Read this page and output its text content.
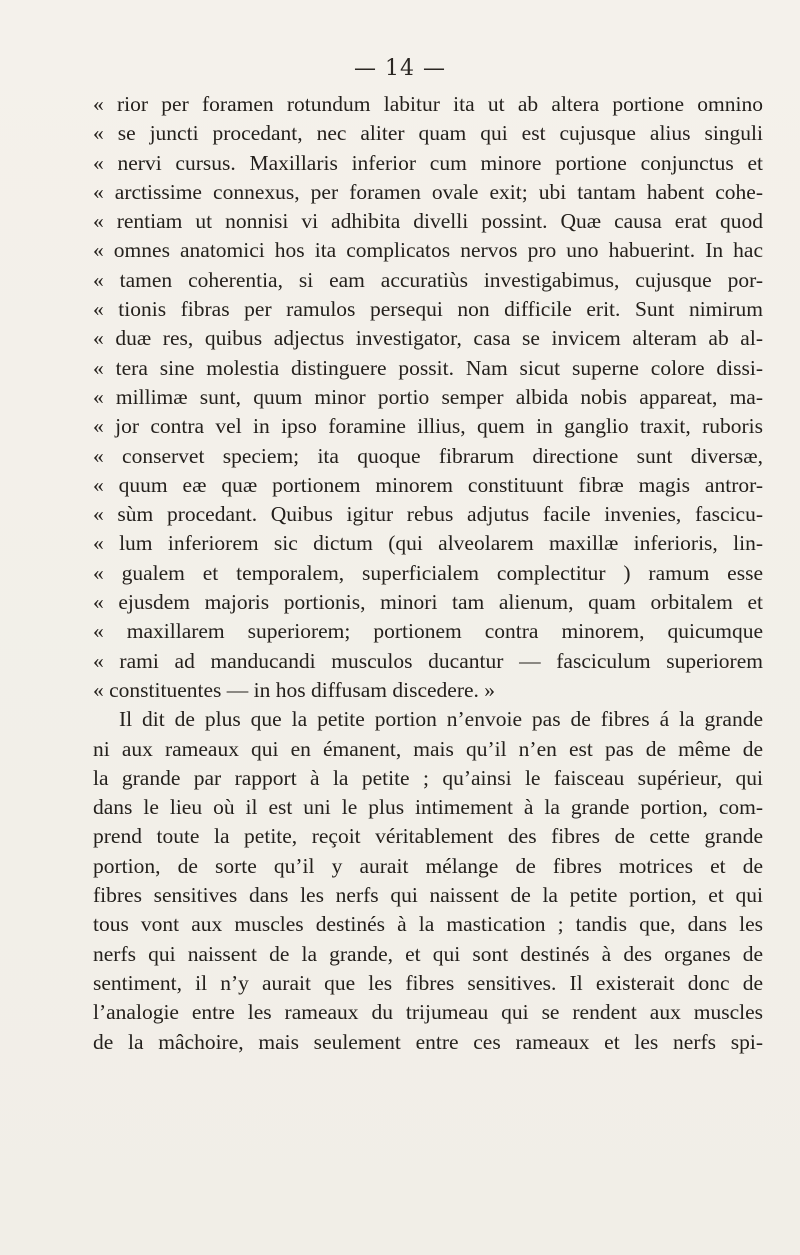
— 14 —
« rior per foramen rotundum labitur ita ut ab altera portione omnino
« se juncti procedant, nec aliter quam qui est cujusque alius singuli
« nervi cursus. Maxillaris inferior cum minore portione conjunctus et
« arctissime connexus, per foramen ovale exit; ubi tantam habent cohe-
« rentiam ut nonnisi vi adhibita divelli possint. Quæ causa erat quod
« omnes anatomici hos ita complicatos nervos pro uno habuerint. In hac
« tamen coherentia, si eam accuratiùs investigabimus, cujusque por-
« tionis fibras per ramulos persequi non difficile erit. Sunt nimirum
« duæ res, quibus adjectus investigator, casa se invicem alteram ab al-
« tera sine molestia distinguere possit. Nam sicut superne colore dissi-
« millimæ sunt, quum minor portio semper albida nobis appareat, ma-
« jor contra vel in ipso foramine illius, quem in ganglio traxit, ruboris
« conservet speciem; ita quoque fibrarum directione sunt diversæ,
« quum eæ quæ portionem minorem constituunt fibræ magis antror-
« sùm procedant. Quibus igitur rebus adjutus facile invenies, fascicu-
« lum inferiorem sic dictum (qui alveolarem maxillæ inferioris, lin-
« gualem et temporalem, superficialem complectitur ) ramum esse
« ejusdem majoris portionis, minori tam alienum, quam orbitalem et
« maxillarem superiorem; portionem contra minorem, quicumque
« rami ad manducandi musculos ducantur — fasciculum superiorem
« constituentes — in hos diffusam discedere. »
Il dit de plus que la petite portion n’envoie pas de fibres á la grande
ni aux rameaux qui en émanent, mais qu’il n’en est pas de même de
la grande par rapport à la petite ; qu’ainsi le faisceau supérieur, qui
dans le lieu où il est uni le plus intimement à la grande portion, com-
prend toute la petite, reçoit véritablement des fibres de cette grande
portion, de sorte qu’il y aurait mélange de fibres motrices et de
fibres sensitives dans les nerfs qui naissent de la petite portion, et qui
tous vont aux muscles destinés à la mastication ; tandis que, dans les
nerfs qui naissent de la grande, et qui sont destinés à des organes de
sentiment, il n’y aurait que les fibres sensitives. Il existerait donc de
l’analogie entre les rameaux du trijumeau qui se rendent aux muscles
de la mâchoire, mais seulement entre ces rameaux et les nerfs spi-
